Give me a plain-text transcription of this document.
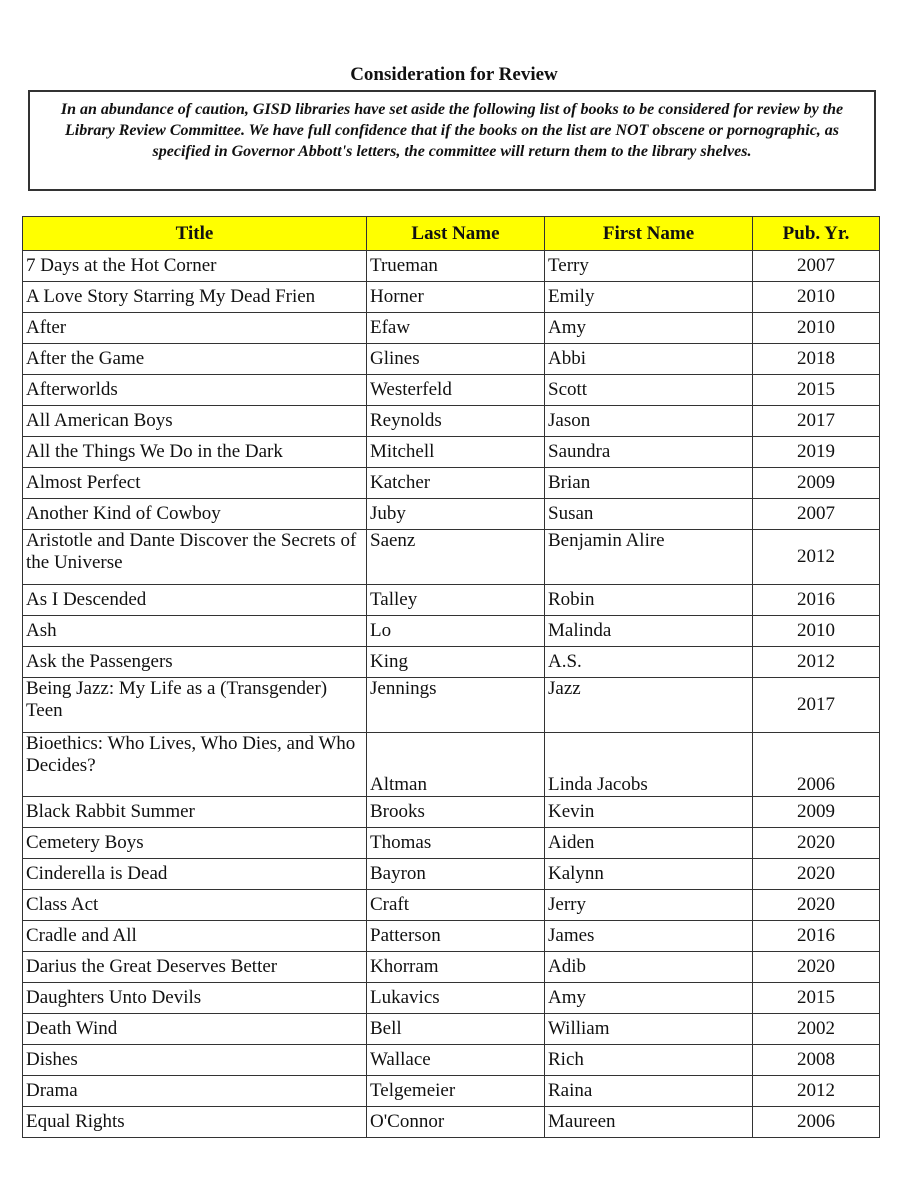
Consideration for Review
In an abundance of caution, GISD libraries have set aside the following list of books to be considered for review by the Library Review Committee. We have full confidence that if the books on the list are NOT obscene or pornographic, as specified in Governor Abbott's letters, the committee will return them to the library shelves.
Title	Last Name	First Name	Pub. Yr.
7 Days at the Hot Corner	Trueman	Terry	2007
A Love Story Starring My Dead Frien	Horner	Emily	2010
After	Efaw	Amy	2010
After the Game	Glines	Abbi	2018
Afterworlds	Westerfeld	Scott	2015
All American Boys	Reynolds	Jason	2017
All the Things We Do in the Dark	Mitchell	Saundra	2019
Almost Perfect	Katcher	Brian	2009
Another Kind of Cowboy	Juby	Susan	2007
Aristotle and Dante Discover the Secrets of the Universe	Saenz	Benjamin Alire	2012
As I Descended	Talley	Robin	2016
Ash	Lo	Malinda	2010
Ask the Passengers	King	A.S.	2012
Being Jazz: My Life as a (Transgender) Teen	Jennings	Jazz	2017
Bioethics: Who Lives, Who Dies, and Who Decides?	Altman	Linda Jacobs	2006
Black Rabbit Summer	Brooks	Kevin	2009
Cemetery Boys	Thomas	Aiden	2020
Cinderella is Dead	Bayron	Kalynn	2020
Class Act	Craft	Jerry	2020
Cradle and All	Patterson	James	2016
Darius the Great Deserves Better	Khorram	Adib	2020
Daughters Unto Devils	Lukavics	Amy	2015
Death Wind	Bell	William	2002
Dishes	Wallace	Rich	2008
Drama	Telgemeier	Raina	2012
Equal Rights	O'Connor	Maureen	2006
